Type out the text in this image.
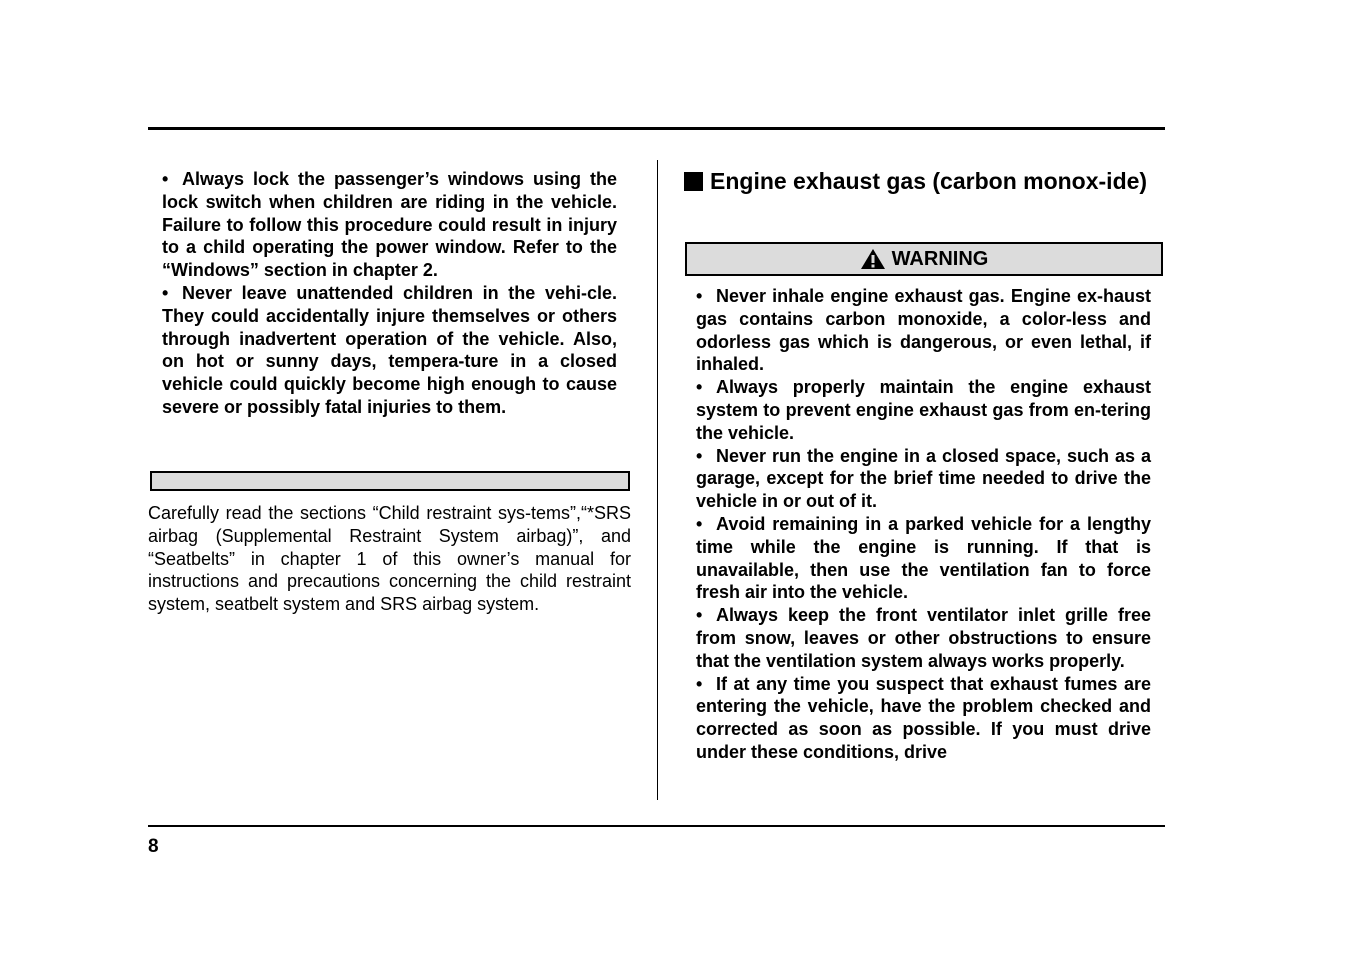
• Always lock the passenger’s windows using the lock switch when children are riding in the vehicle. Failure to follow this procedure could result in injury to a child operating the power window. Refer to the “Windows” section in chapter 2.
• Never leave unattended children in the vehi-cle. They could accidentally injure themselves or others through inadvertent operation of the vehicle. Also, on hot or sunny days, tempera-ture in a closed vehicle could quickly become high enough to cause severe or possibly fatal injuries to them.

Carefully read the sections “Child restraint sys-tems”,“*SRS airbag (Supplemental Restraint System airbag)”, and “Seatbelts” in chapter 1 of this owner’s manual for instructions and precautions concerning the child restraint system, seatbelt system and SRS airbag system.

Engine exhaust gas (carbon monox-ide)
WARNING
• Never inhale engine exhaust gas. Engine ex-haust gas contains carbon monoxide, a color-less and odorless gas which is dangerous, or even lethal, if inhaled.
• Always properly maintain the engine exhaust system to prevent engine exhaust gas from en-tering the vehicle.
• Never run the engine in a closed space, such as a garage, except for the brief time needed to drive the vehicle in or out of it.
• Avoid remaining in a parked vehicle for a lengthy time while the engine is running. If that is unavailable, then use the ventilation fan to force fresh air into the vehicle.
• Always keep the front ventilator inlet grille free from snow, leaves or other obstructions to ensure that the ventilation system always works properly.
• If at any time you suspect that exhaust fumes are entering the vehicle, have the problem checked and corrected as soon as possible. If you must drive under these conditions, drive
8
